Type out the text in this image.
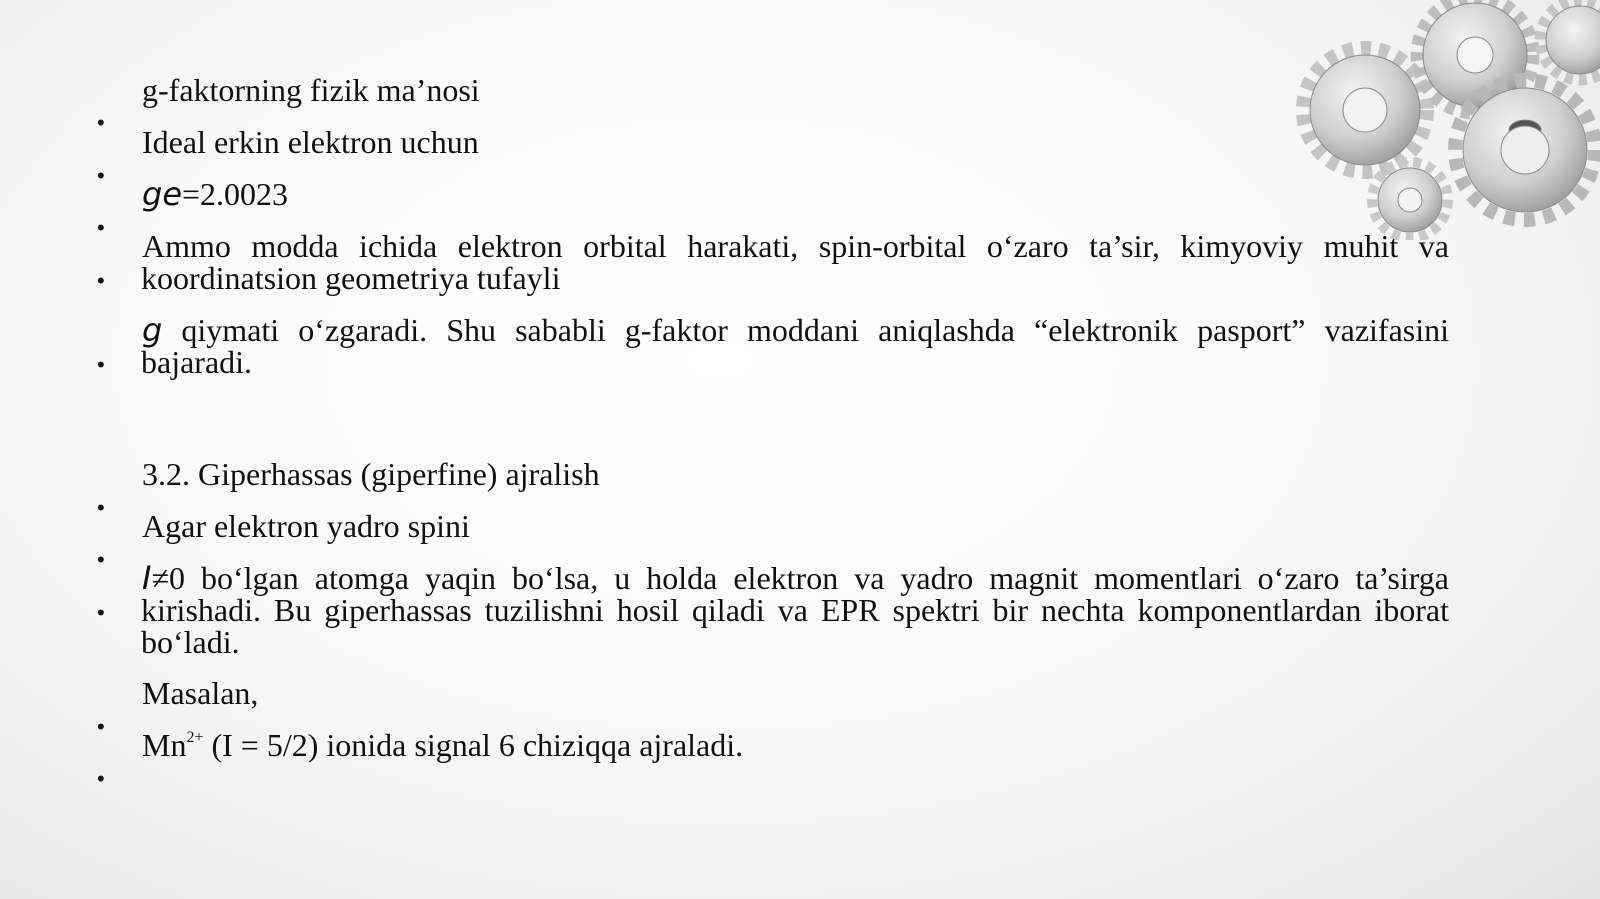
•
•
•
•
•
•
•
•
•
•
g-faktorning fizik ma’nosi
Ideal erkin elektron uchun
ge=2.0023
Ammo modda ichida elektron orbital harakati, spin-orbital o‘zaro ta’sir, kimyoviy muhit va koordinatsion geometriya tufayli
g qiymati o‘zgaradi. Shu sababli g-faktor moddani aniqlashda “elektronik pasport” vazifasini bajaradi.
3.2. Giperhassas (giperfine) ajralish
Agar elektron yadro spini
I≠0 bo‘lgan atomga yaqin bo‘lsa, u holda elektron va yadro magnit momentlari o‘zaro ta’sirga kirishadi. Bu giperhassas tuzilishni hosil qiladi va EPR spektri bir nechta komponentlardan iborat bo‘ladi.
Masalan,
$Mn^{2+}$ (I = 5/2) ionida signal 6 chiziqqa ajraladi.
